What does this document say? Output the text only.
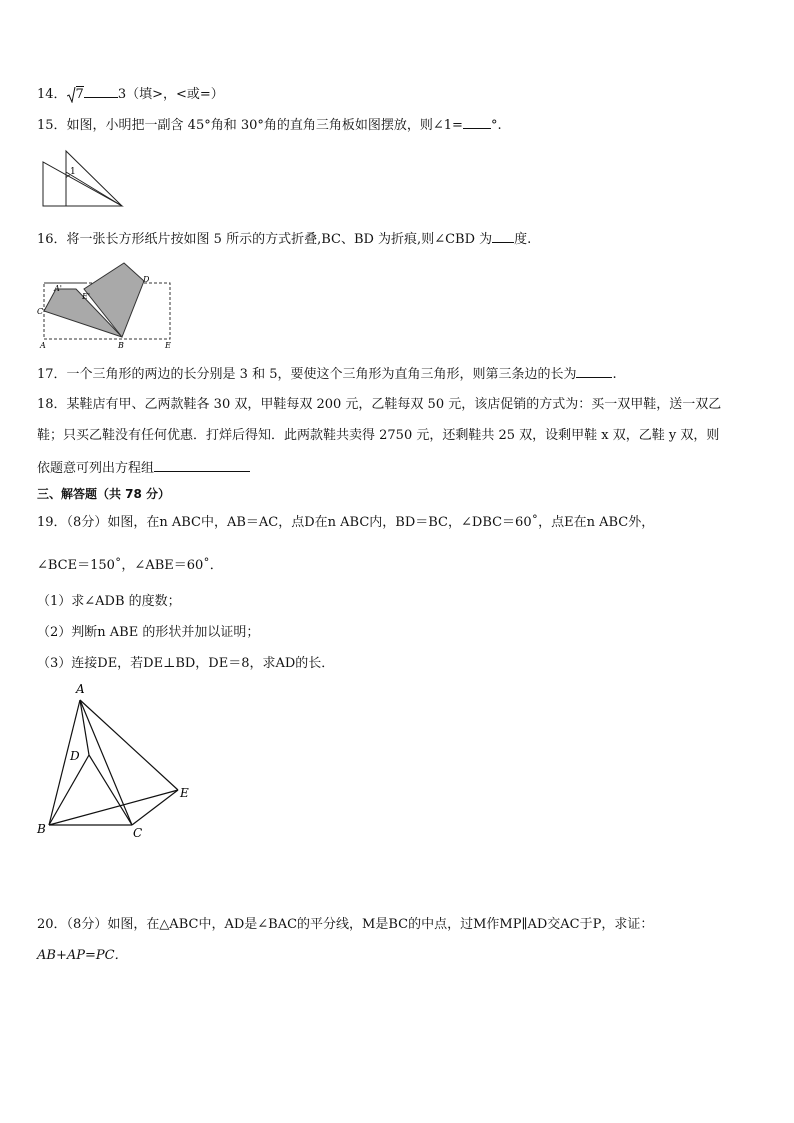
14． 7	3（填>，<或=）
15．如图，小明把一副含 45°角和 30°角的直角三角板如图摆放，则∠1= °.
1
16．将一张长方形纸片按如图 5 所示的方式折叠,BC、BD 为折痕,则∠CBD 为 度.
A'
E'
D
C
B
A	E
17．一个三角形的两边的长分别是 3 和 5，要使这个三角形为直角三角形，则第三条边的长为	.
18．某鞋店有甲、乙两款鞋各 30 双，甲鞋每双 200 元，乙鞋每双 50 元，该店促销的方式为：买一双甲鞋，送一双乙
鞋；只买乙鞋没有任何优惠．打烊后得知．此两款鞋共卖得 2750 元，还剩鞋共 25 双，设剩甲鞋 x 双，乙鞋 y 双，则
依题意可列出方程组
三、解答题（共 78 分）
19．（8分）如图，在n ABC中，AB＝AC，点D在n ABC内，BD＝BC，∠DBC＝60˚，点E在n ABC外，
∠BCE＝150˚，∠ABE＝60˚．
（1）求∠ADB 的度数；
（2）判断n ABE 的形状并加以证明；
（3）连接DE，若DE⊥BD，DE＝8，求AD的长．
A
D
E
B	C
20．（8分）如图，在△ABC中，AD是∠BAC的平分线，M是BC的中点，过M作MP∥AD交AC于P，求证：
AB+AP=PC．
